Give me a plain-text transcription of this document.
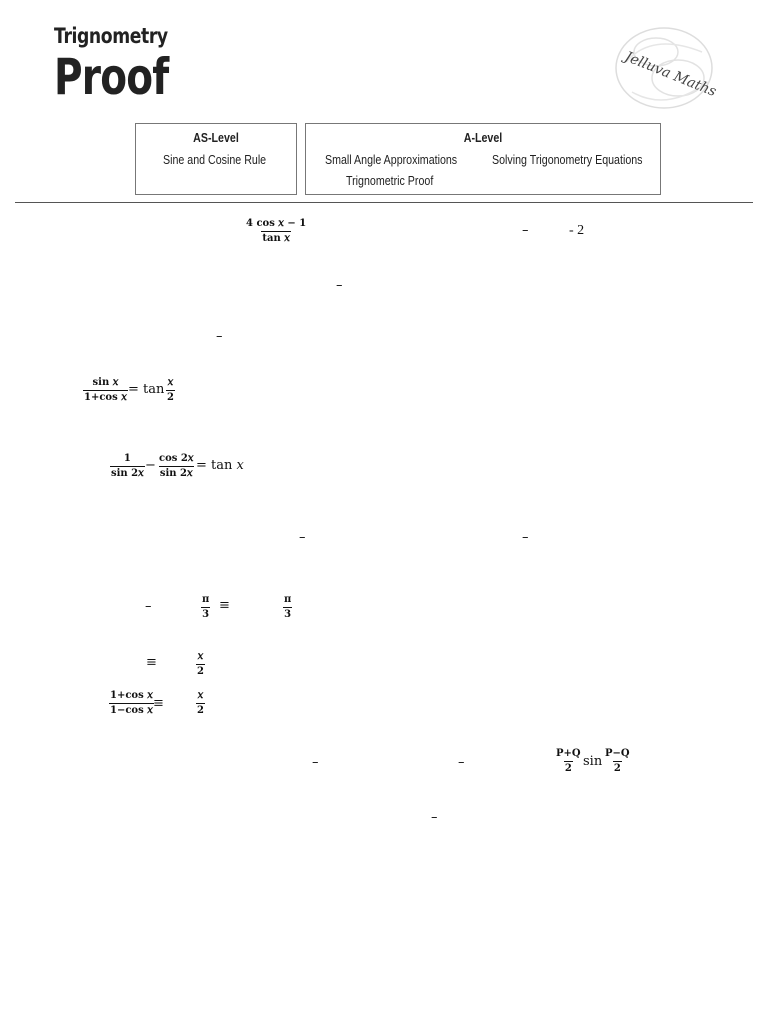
Trignometry
Proof	Jelluva Maths
AS-Level
Sine and Cosine Rule
A-Level
Small Angle Approximations	Solving Trigonometry Equations
Trignometric Proof
4 cos 𝑥 − 1
tan 𝑥	–	- 2
–
–
sin 𝑥
1+cos 𝑥 = tan 𝑥
2
1
sin 2𝑥 − cos 2𝑥
sin 2𝑥 = tan 𝑥
–	–
–	$\frac{\pi}{3}$ ≡	$\frac{\pi}{3}$
≡	𝑥
2
1+cos 𝑥
1−cos 𝑥 ≡
𝑥
2
–	–	$\frac{P+Q}{2}$ $\sin \frac{P-Q}{2}$
–
